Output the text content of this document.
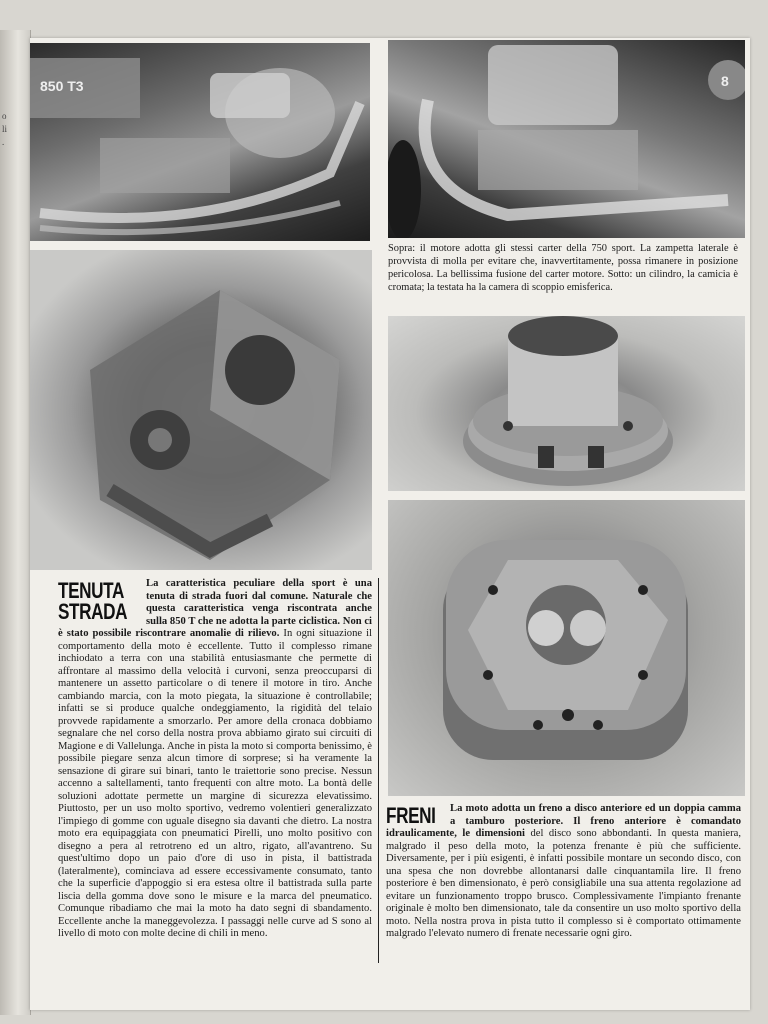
o
li
.
850 T3	8
Sopra: il motore adotta gli stessi carter della 750 sport. La zampetta laterale è provvista di molla per evitare che, inavvertitamente, possa rimanere in posizione pericolosa. La bellissima fusione del carter motore. Sotto: un cilindro, la camicia è cromata; la testata ha la camera di scoppio emisferica.
TENUTA
STRADA
La caratteristica peculiare della sport è una tenuta di strada fuori dal comune. Naturale che questa caratteristica venga riscontrata anche sulla 850 T che ne adotta la parte ciclistica. Non ci è stato possibile riscontrare anomalie di rilievo. In ogni situazione il comportamento della moto è eccellente. Tutto il complesso rimane inchiodato a terra con una stabilità entusiasmante che permette di affrontare al massimo della velocità i curvoni, senza preoccuparsi di mantenere un assetto particolare o di tenere il motore in tiro. Anche cambiando marcia, con la moto piegata, la situazione è controllabile; infatti se si produce qualche ondeggiamento, la rigidità del telaio provvede rapidamente a smorzarlo. Per amore della cronaca dobbiamo segnalare che nel corso della nostra prova abbiamo girato sui circuiti di Magione e di Vallelunga. Anche in pista la moto si comporta benissimo, è possibile piegare senza alcun timore di sorprese; si ha veramente la sensazione di girare sui binari, tanto le traiettorie sono precise. Nessun accenno a saltellamenti, tanto frequenti con altre moto. La bontà delle soluzioni adottate permette un margine di sicurezza elevatissimo. Piuttosto, per un uso molto sportivo, vedremo volentieri generalizzato l'impiego di gomme con uguale disegno sia davanti che dietro. La nostra moto era equipaggiata con pneumatici Pirelli, uno molto positivo con disegno a pera al retrotreno ed un altro, rigato, all'avantreno. Su quest'ultimo dopo un paio d'ore di uso in pista, il battistrada (lateralmente), cominciava ad essere eccessivamente consumato, tanto che la superficie d'appoggio si era estesa oltre il battistrada sulla parte liscia della gomma dove sono le misure e la marca del pneumatico. Comunque ribadiamo che mai la moto ha dato segni di sbandamento. Eccellente anche la maneggevolezza. I passaggi nelle curve ad S sono al livello di moto con molte decine di chili in meno.
FRENI	La moto adotta un freno a disco anteriore ed un doppia camma a tamburo posteriore. Il freno anteriore è comandato idraulicamente, le dimensioni del disco sono abbondanti. In questa maniera, malgrado il peso della moto, la potenza frenante è più che sufficiente. Diversamente, per i più esigenti, è infatti possibile montare un secondo disco, con una spesa che non dovrebbe allontanarsi dalle cinquantamila lire. Il freno posteriore è ben dimensionato, è però consigliabile una sua attenta regolazione ad evitare un funzionamento troppo brusco. Complessivamente l'impianto frenante originale è molto ben dimensionato, tale da consentire un uso molto sportivo della moto. Nella nostra prova in pista tutto il complesso si è comportato ottimamente malgrado l'elevato numero di frenate necessarie ogni giro.
